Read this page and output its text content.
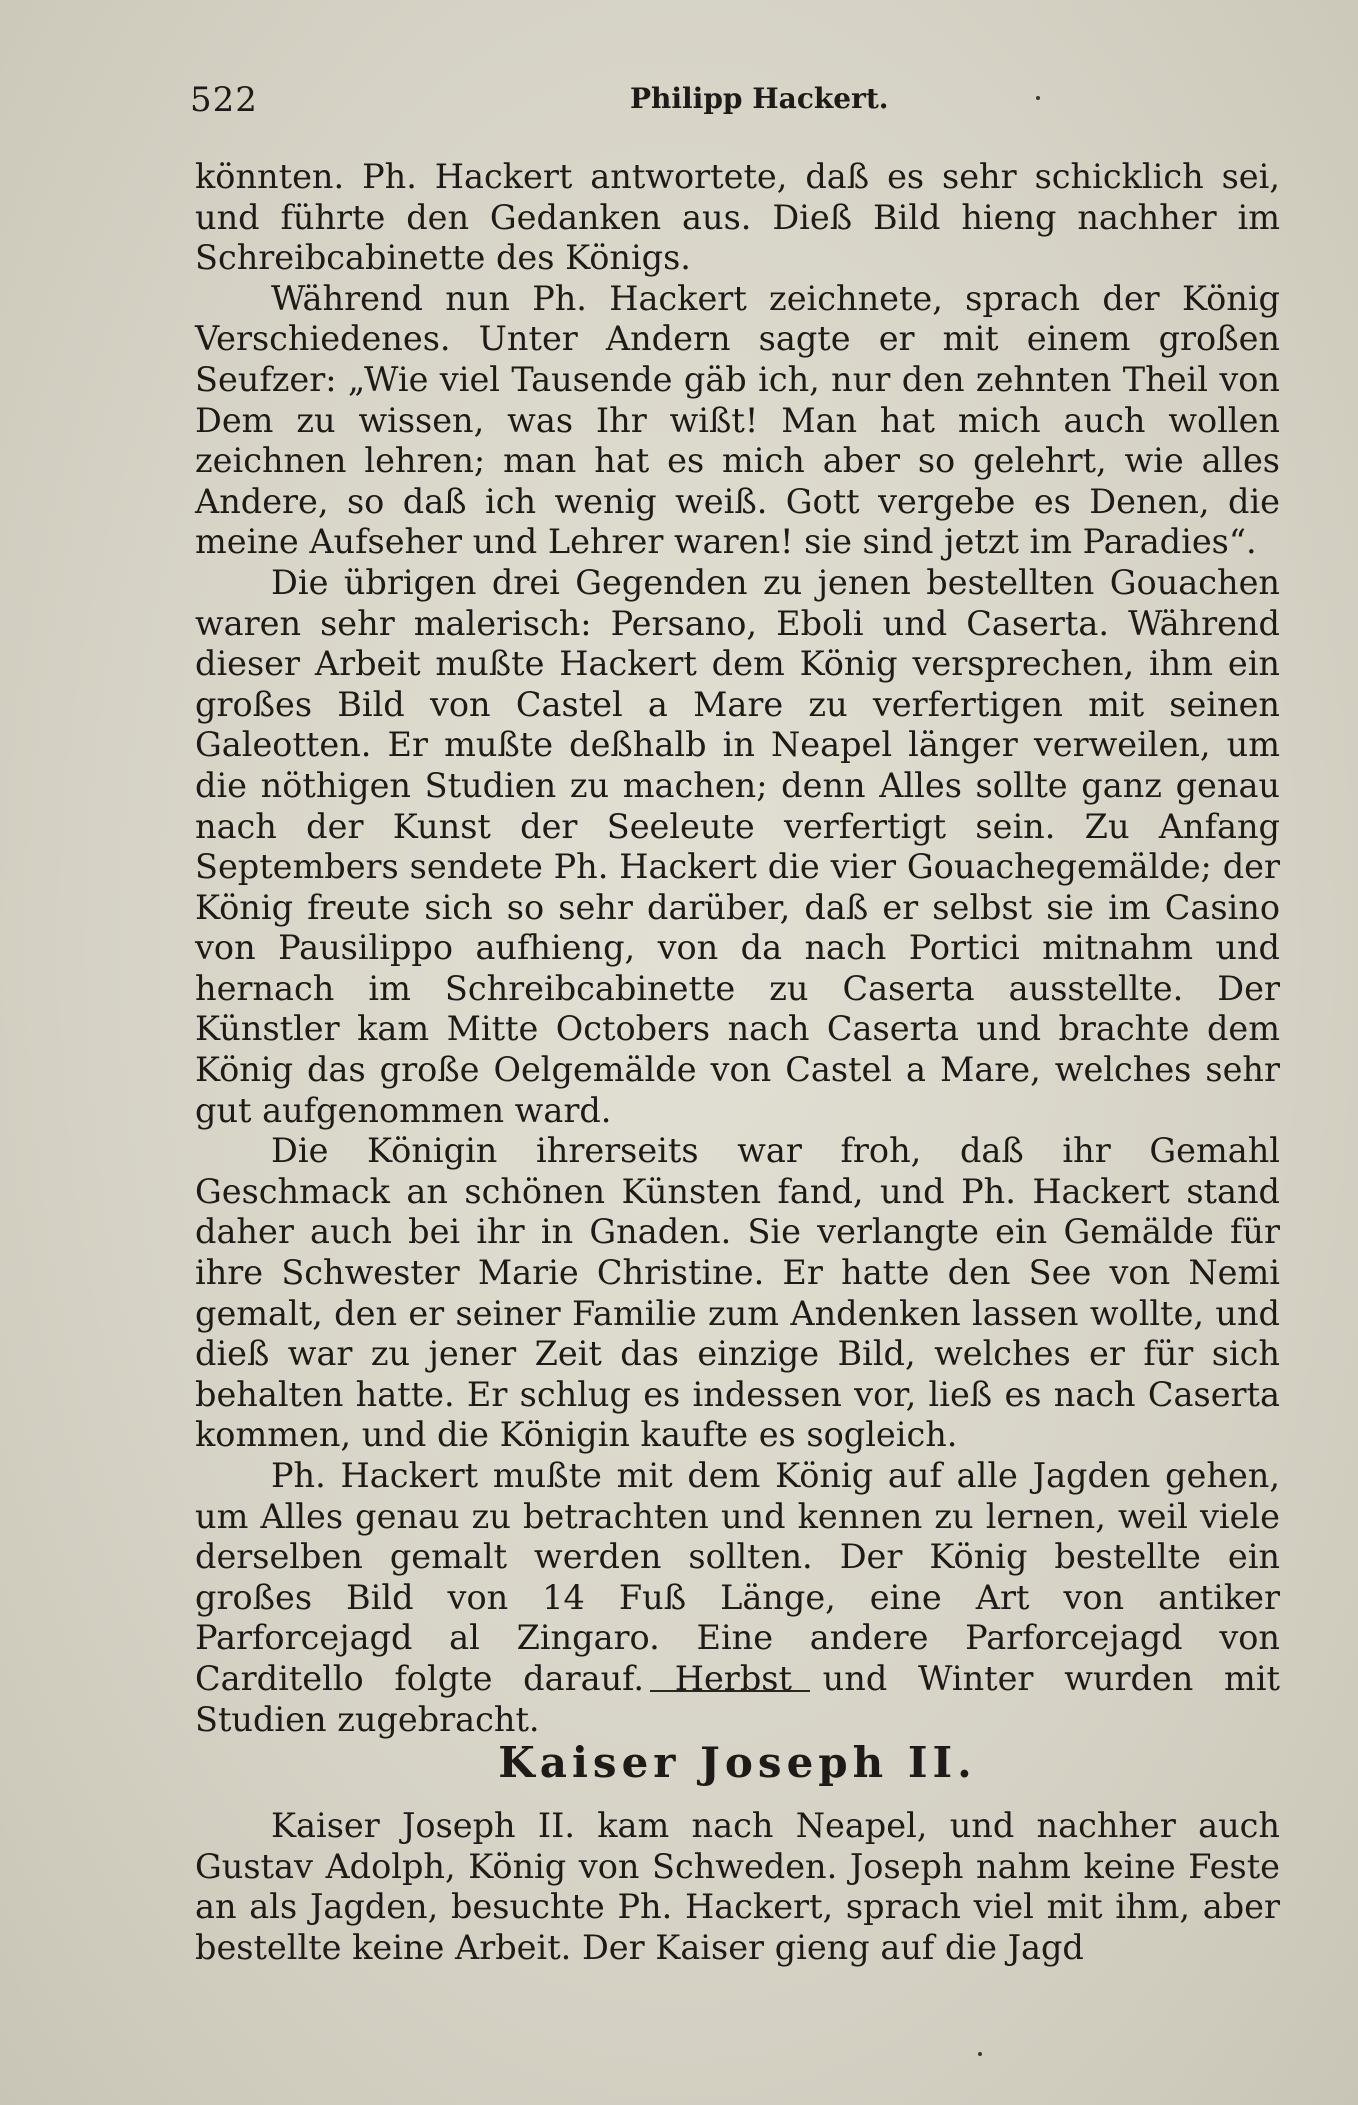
522	Philipp Hackert.

könnten. Ph. Hackert antwortete, daß es sehr schicklich sei, und führte den Gedanken aus. Dieß Bild hieng nachher im Schreibcabinette des Königs.

Während nun Ph. Hackert zeichnete, sprach der König Verschiedenes. Unter Andern sagte er mit einem großen Seufzer: „Wie viel Tausende gäb ich, nur den zehnten Theil von Dem zu wissen, was Ihr wißt! Man hat mich auch wollen zeichnen lehren; man hat es mich aber so gelehrt, wie alles Andere, so daß ich wenig weiß. Gott vergebe es Denen, die meine Aufseher und Lehrer waren! sie sind jetzt im Paradies“.

Die übrigen drei Gegenden zu jenen bestellten Gouachen waren sehr malerisch: Persano, Eboli und Caserta. Während dieser Arbeit mußte Hackert dem König versprechen, ihm ein großes Bild von Castel a Mare zu verfertigen mit seinen Galeotten. Er mußte deßhalb in Neapel länger verweilen, um die nöthigen Studien zu machen; denn Alles sollte ganz genau nach der Kunst der Seeleute verfertigt sein. Zu Anfang Septembers sendete Ph. Hackert die vier Gouachegemälde; der König freute sich so sehr darüber, daß er selbst sie im Casino von Pausilippo aufhieng, von da nach Portici mitnahm und hernach im Schreibcabinette zu Caserta ausstellte. Der Künstler kam Mitte Octobers nach Caserta und brachte dem König das große Oelgemälde von Castel a Mare, welches sehr gut aufgenommen ward.

Die Königin ihrerseits war froh, daß ihr Gemahl Geschmack an schönen Künsten fand, und Ph. Hackert stand daher auch bei ihr in Gnaden. Sie verlangte ein Gemälde für ihre Schwester Marie Christine. Er hatte den See von Nemi gemalt, den er seiner Familie zum Andenken lassen wollte, und dieß war zu jener Zeit das einzige Bild, welches er für sich behalten hatte. Er schlug es indessen vor, ließ es nach Caserta kommen, und die Königin kaufte es sogleich.

Ph. Hackert mußte mit dem König auf alle Jagden gehen, um Alles genau zu betrachten und kennen zu lernen, weil viele derselben gemalt werden sollten. Der König bestellte ein großes Bild von 14 Fuß Länge, eine Art von antiker Parforcejagd al Zingaro. Eine andere Parforcejagd von Carditello folgte darauf. Herbst und Winter wurden mit Studien zugebracht.

Kaiser Joseph II.

Kaiser Joseph II. kam nach Neapel, und nachher auch Gustav Adolph, König von Schweden. Joseph nahm keine Feste an als Jagden, besuchte Ph. Hackert, sprach viel mit ihm, aber bestellte keine Arbeit. Der Kaiser gieng auf die Jagd
